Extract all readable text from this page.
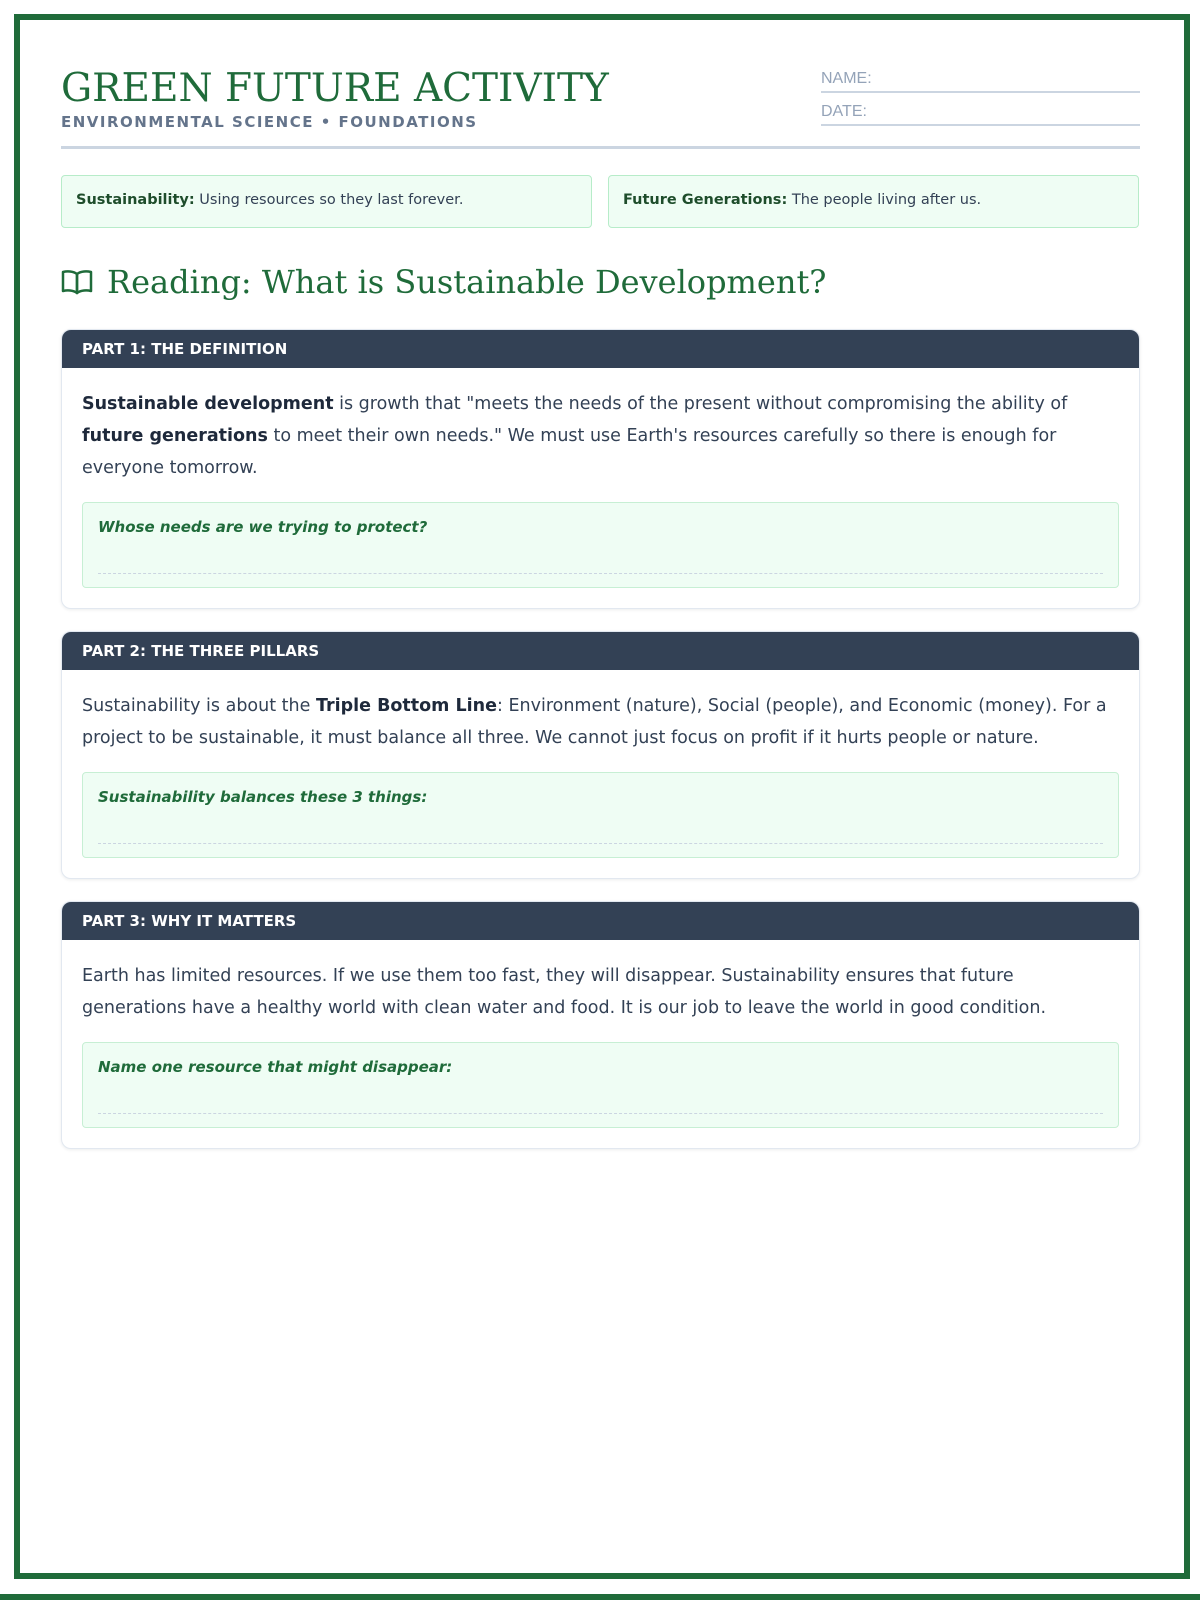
GREEN FUTURE ACTIVITY
ENVIRONMENTAL SCIENCE • FOUNDATIONS
NAME:
DATE:
Sustainability: Using resources so they last forever.	Future Generations: The people living after us.
Reading: What is Sustainable Development?
PART 1: THE DEFINITION

Sustainable development is growth that "meets the needs of the present without compromising the ability of future generations to meet their own needs." We must use Earth's resources carefully so there is enough for everyone tomorrow.

Whose needs are we trying to protect?
PART 2: THE THREE PILLARS

Sustainability is about the Triple Bottom Line: Environment (nature), Social (people), and Economic (money). For a project to be sustainable, it must balance all three. We cannot just focus on profit if it hurts people or nature.

Sustainability balances these 3 things:
PART 3: WHY IT MATTERS

Earth has limited resources. If we use them too fast, they will disappear. Sustainability ensures that future generations have a healthy world with clean water and food. It is our job to leave the world in good condition.

Name one resource that might disappear:
